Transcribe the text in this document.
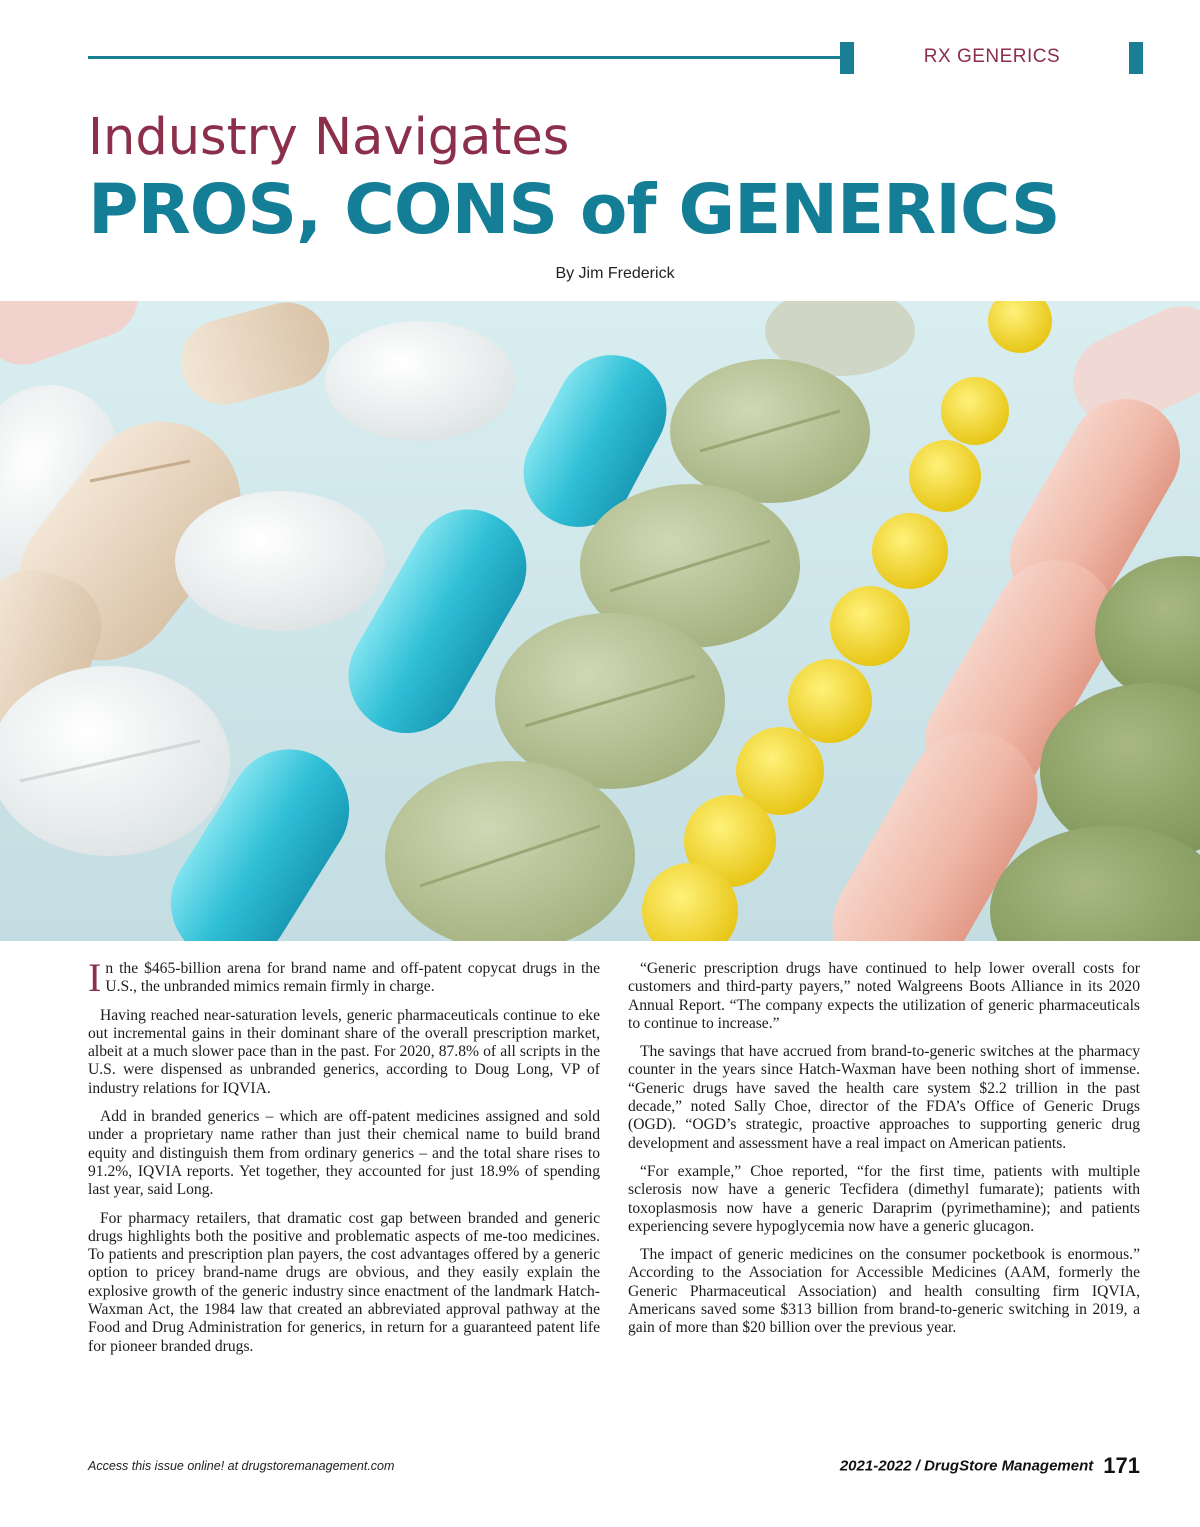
RX GENERICS
Industry Navigates
PROS, CONS of GENERICS
By Jim Frederick

In the $465-billion arena for brand name and off-patent copycat drugs in the U.S., the unbranded mimics remain firmly in charge.

Having reached near-saturation levels, generic pharmaceuticals continue to eke out incremental gains in their dominant share of the overall prescription market, albeit at a much slower pace than in the past. For 2020, 87.8% of all scripts in the U.S. were dispensed as unbranded generics, according to Doug Long, VP of industry relations for IQVIA.

Add in branded generics – which are off-patent medicines assigned and sold under a proprietary name rather than just their chemical name to build brand equity and distinguish them from ordinary generics – and the total share rises to 91.2%, IQVIA reports. Yet together, they accounted for just 18.9% of spending last year, said Long.

For pharmacy retailers, that dramatic cost gap between branded and generic drugs highlights both the positive and problematic aspects of me-too medicines. To patients and prescription plan payers, the cost advantages offered by a generic option to pricey brand-name drugs are obvious, and they easily explain the explosive growth of the generic industry since enactment of the landmark Hatch-Waxman Act, the 1984 law that created an abbreviated approval pathway at the Food and Drug Administration for generics, in return for a guaranteed patent life for pioneer branded drugs.

“Generic prescription drugs have continued to help lower overall costs for customers and third-party payers,” noted Walgreens Boots Alliance in its 2020 Annual Report. “The company expects the utilization of generic pharmaceuticals to continue to increase.”

The savings that have accrued from brand-to-generic switches at the pharmacy counter in the years since Hatch-Waxman have been nothing short of immense. “Generic drugs have saved the health care system $2.2 trillion in the past decade,” noted Sally Choe, director of the FDA’s Office of Generic Drugs (OGD). “OGD’s strategic, proactive approaches to supporting generic drug development and assessment have a real impact on American patients.

“For example,” Choe reported, “for the first time, patients with multiple sclerosis now have a generic Tecfidera (dimethyl fumarate); patients with toxoplasmosis now have a generic Daraprim (pyrimethamine); and patients experiencing severe hypoglycemia now have a generic glucagon.

The impact of generic medicines on the consumer pocketbook is enormous.” According to the Association for Accessible Medicines (AAM, formerly the Generic Pharmaceutical Association) and health consulting firm IQVIA, Americans saved some $313 billion from brand-to-generic switching in 2019, a gain of more than $20 billion over the previous year.

Access this issue online! at drugstoremanagement.com	2021-2022 / DrugStore Management 171
